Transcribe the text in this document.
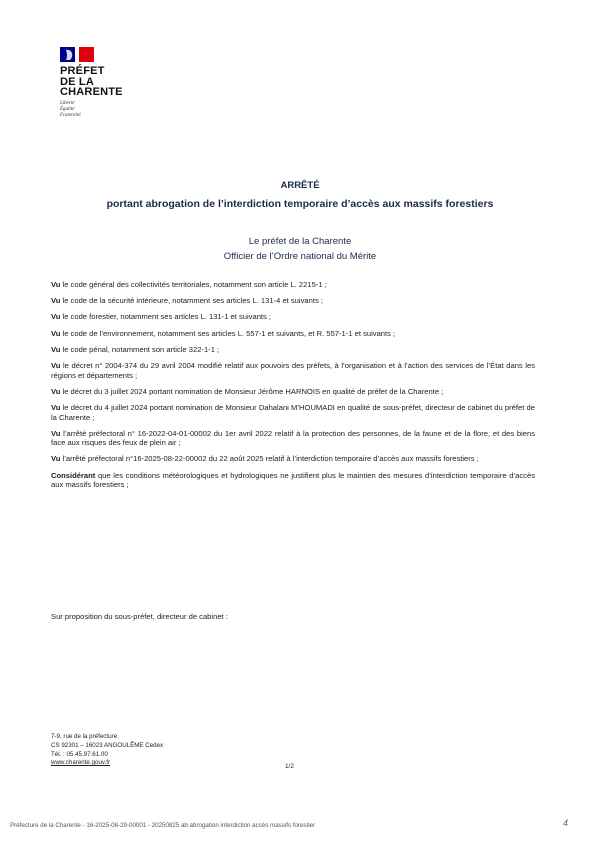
PRÉFET
DE LA
CHARENTE
Liberté
Égalité
Fraternité
ARRÊTÉ
portant abrogation de l’interdiction temporaire d’accès aux massifs forestiers
Le préfet de la Charente
Officier de l’Ordre national du Mérite

Vu le code général des collectivités territoriales, notamment son article L. 2215-1 ;

Vu le code de la sécurité intérieure, notamment ses articles L. 131-4 et suivants ;

Vu le code forestier, notamment ses articles L. 131-1 et suivants ;

Vu le code de l’environnement, notamment ses articles L. 557-1 et suivants, et R. 557-1-1 et suivants ;

Vu le code pénal, notamment son article 322-1-1 ;

Vu le décret n° 2004-374 du 29 avril 2004 modifié relatif aux pouvoirs des préfets, à l’organisation et à l’action des services de l’État dans les régions et départements ;

Vu le décret du 3 juillet 2024 portant nomination de Monsieur Jérôme HARNOIS en qualité de préfet de la Charente ;

Vu le décret du 4 juillet 2024 portant nomination de Monsieur Dahalani M’HOUMADI en qualité de sous-préfet, directeur de cabinet du préfet de la Charente ;

Vu l’arrêté préfectoral n° 16-2022-04-01-00002 du 1er avril 2022 relatif à la protection des personnes, de la faune et de la flore, et des biens face aux risques des feux de plein air ;

Vu l’arrêté préfectoral n°16-2025-08-22-00002 du 22 août 2025 relatif à l’interdiction temporaire d’accès aux massifs forestiers ;

Considérant que les conditions météorologiques et hydrologiques ne justifient plus le maintien des mesures d’interdiction temporaire d’accès aux massifs forestiers ;

Sur proposition du sous-préfet, directeur de cabinet :
7-9, rue de la préfecture
CS 92301 – 16023 ANGOULÊME Cedex
Tél. : 05.45.97.61.00
www.charente.gouv.fr
1/2
Préfecture de la Charente - 16-2025-08-29-00001 - 20250825 ab abrogation interdiction accès massifs forestier	4
